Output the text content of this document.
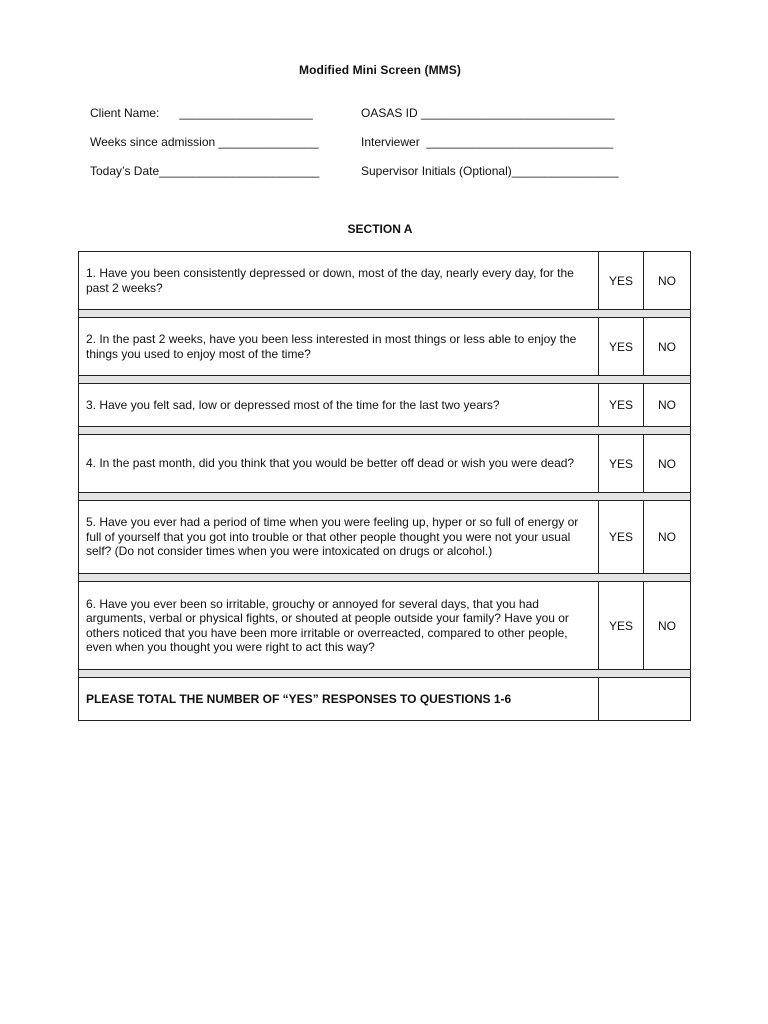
Modified Mini Screen (MMS)
Client Name:      ____________________	OASAS ID _____________________________
Weeks since admission _______________	Interviewer  ____________________________
Today’s Date________________________	Supervisor Initials (Optional)________________
SECTION A
1. Have you been consistently depressed or down, most of the day, nearly every day, for the past 2 weeks?	YES	NO

2. In the past 2 weeks, have you been less interested in most things or less able to enjoy the things you used to enjoy most of the time?	YES	NO

3. Have you felt sad, low or depressed most of the time for the last two years?	YES	NO

4. In the past month, did you think that you would be better off dead or wish you were dead?	YES	NO

5. Have you ever had a period of time when you were feeling up, hyper or so full of energy or full of yourself that you got into trouble or that other people thought you were not your usual self? (Do not consider times when you were intoxicated on drugs or alcohol.)	YES	NO

6. Have you ever been so irritable, grouchy or annoyed for several days, that you had arguments, verbal or physical fights, or shouted at people outside your family? Have you or others noticed that you have been more irritable or overreacted, compared to other people, even when you thought you were right to act this way?	YES	NO

PLEASE TOTAL THE NUMBER OF “YES” RESPONSES TO QUESTIONS 1-6		
